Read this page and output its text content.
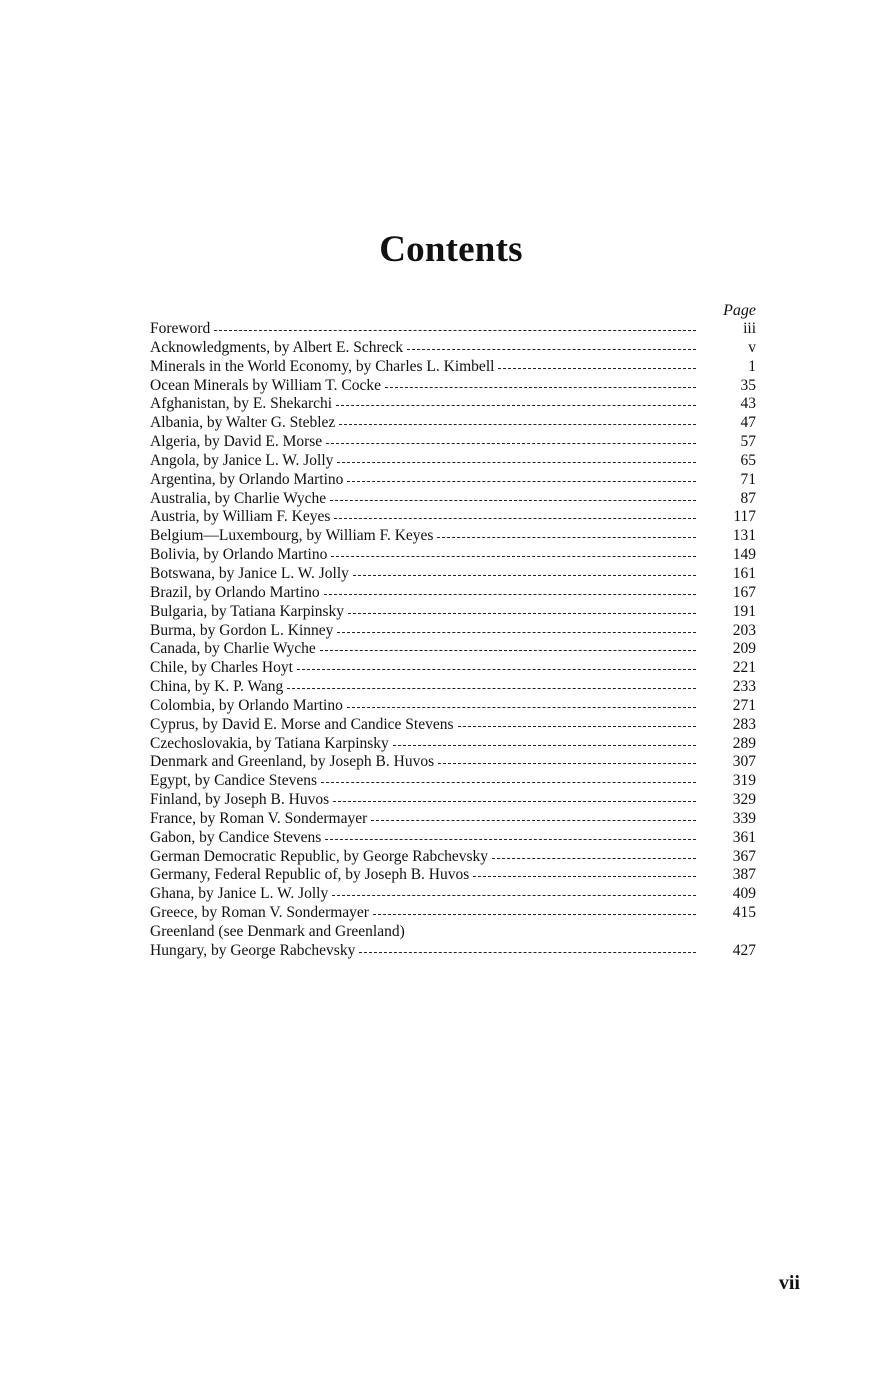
Contents
Page
Foreword	iii
Acknowledgments, by Albert E. Schreck	v
Minerals in the World Economy, by Charles L. Kimbell	1
Ocean Minerals by William T. Cocke	35
Afghanistan, by E. Shekarchi	43
Albania, by Walter G. Steblez	47
Algeria, by David E. Morse	57
Angola, by Janice L. W. Jolly	65
Argentina, by Orlando Martino	71
Australia, by Charlie Wyche	87
Austria, by William F. Keyes	117
Belgium—Luxembourg, by William F. Keyes	131
Bolivia, by Orlando Martino	149
Botswana, by Janice L. W. Jolly	161
Brazil, by Orlando Martino	167
Bulgaria, by Tatiana Karpinsky	191
Burma, by Gordon L. Kinney	203
Canada, by Charlie Wyche	209
Chile, by Charles Hoyt	221
China, by K. P. Wang	233
Colombia, by Orlando Martino	271
Cyprus, by David E. Morse and Candice Stevens	283
Czechoslovakia, by Tatiana Karpinsky	289
Denmark and Greenland, by Joseph B. Huvos	307
Egypt, by Candice Stevens	319
Finland, by Joseph B. Huvos	329
France, by Roman V. Sondermayer	339
Gabon, by Candice Stevens	361
German Democratic Republic, by George Rabchevsky	367
Germany, Federal Republic of, by Joseph B. Huvos	387
Ghana, by Janice L. W. Jolly	409
Greece, by Roman V. Sondermayer	415
Greenland (see Denmark and Greenland)
Hungary, by George Rabchevsky	427
vii
